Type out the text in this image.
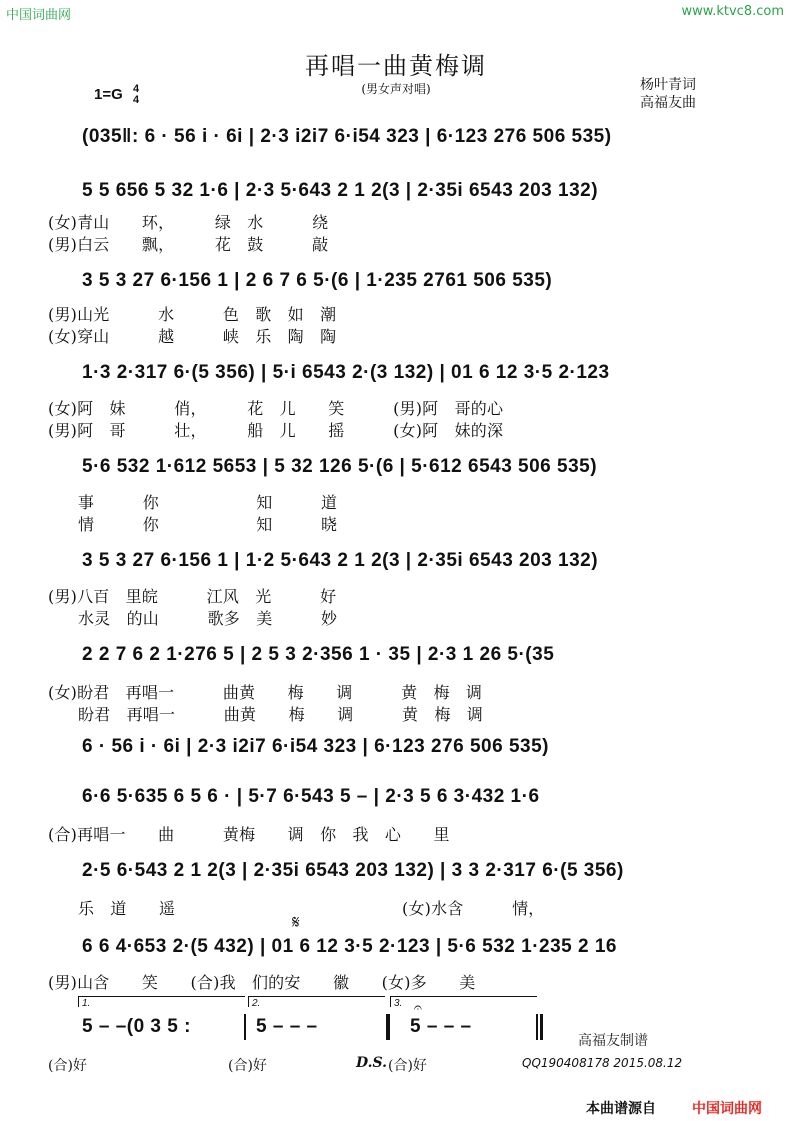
中国词曲网	www.ktvc8.com
再唱一曲黄梅调
(男女声对唱)	杨叶青词
高福友曲
1=G 4
4
(035‖: 6 · 56 i · 6i | 2·3 i2i7 6·i54 323 | 6·123 276 506 535)
5 5 656 5 32 1·6 | 2·3 5·643 2 1 2(3 | 2·35i 6543 203 132)
(女)青山　　环，　　　绿　水　　　绕
(男)白云　　飘，　　　花　鼓　　　敲
3 5 3 27 6·156 1 | 2 6 7 6 5·(6 | 1·235 2761 506 535)
(男)山光　　　水　　　色　歌　如　潮
(女)穿山　　　越　　　峡　乐　陶　陶
1·3 2·317 6·(5 356) | 5·i 6543 2·(3 132) | 01 6 12 3·5 2·123
(女)阿　妹　　　俏，　　　花　儿　　笑　　　(男)阿　哥的心
(男)阿　哥　　　壮，　　　船　儿　　摇　　　(女)阿　妹的深
5·6 532 1·612 5653 | 5 32 126 5·(6 | 5·612 6543 506 535)
事　　　你　　　　　　知　　　道
情　　　你　　　　　　知　　　晓
3 5 3 27 6·156 1 | 1·2 5·643 2 1 2(3 | 2·35i 6543 203 132)
(男)八百　里皖　　　江风　光　　　好
水灵　的山　　　歌多　美　　　妙
2 2 7 6 2 1·276 5 | 2 5 3 2·356 1 · 35 | 2·3 1 26 5·(35
(女)盼君　再唱一　　　曲黄　　梅　　调　　　黄　梅　调
盼君　再唱一　　　曲黄　　梅　　调　　　黄　梅　调
6 · 56 i · 6i | 2·3 i2i7 6·i54 323 | 6·123 276 506 535)
6·6 5·635 6 5 6 · | 5·7 6·543 5 – | 2·3 5 6 3·432 1·6
(合)再唱一　　曲　　　黄梅　　调　你　我　心　　里
2·5 6·543 2 1 2(3 | 2·35i 6543 203 132) | 3 3 2·317 6·(5 356)
乐　道　　遥　　　　　　　　　　　　　　(女)水含　　　情，
6 6 4·653 2·(5 432) | 01 6 12 3·5 2·123 | 5·6 532 1·235 2 16
(男)山含　　笑　　(合)我　们的安　　徽　　(女)多　　美
𝄋
1.	2.	3. 𝄐
5 – –(0 3 5 :	5 – – –	5 – – –
(合)好	(合)好	D.S. (合)好
高福友制谱
QQ190408178 2015.08.12
本曲谱源自	中国词曲网
